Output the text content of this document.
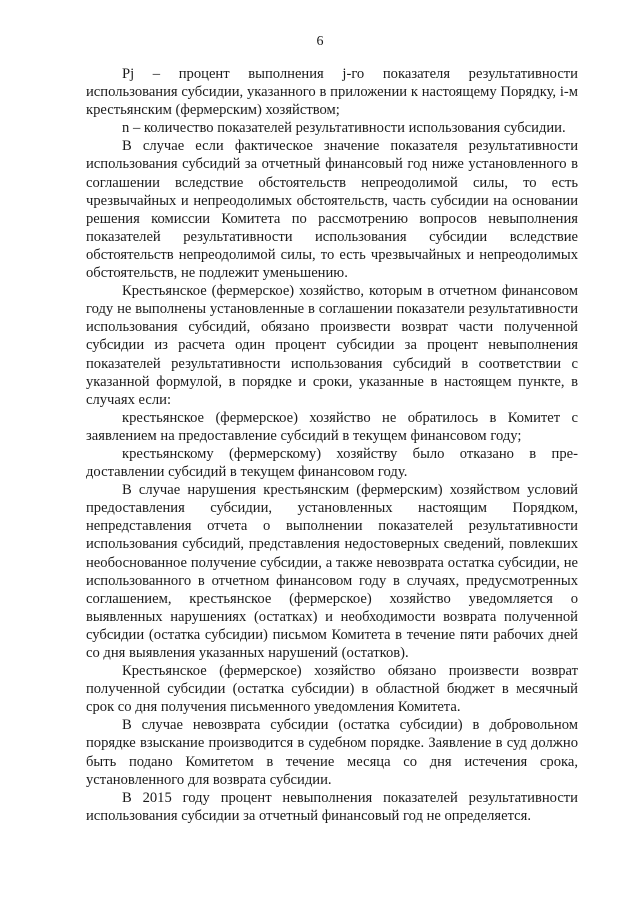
6

Pj – процент выполнения j-го показателя результативности использования субсидии, указанного в приложении к настоящему Порядку, i-м крестьянским (фермерским) хозяйством;

n – количество показателей результативности использования субсидии.

В случае если фактическое значение показателя результативности использования субсидий за отчетный финансовый год ниже установленного в соглашении вследствие обстоятельств непреодолимой силы, то есть чрезвычайных и непреодолимых обстоятельств, часть субсидии на основании решения комиссии Комитета по рассмотрению вопросов невыполнения показателей результативности использования субсидии вследствие обстоятельств непреодолимой силы, то есть чрезвычайных и непреодолимых обстоятельств, не подлежит уменьшению.

Крестьянское (фермерское) хозяйство, которым в отчетном финансовом году не выполнены установленные в соглашении показатели результативности использования субсидий, обязано произвести возврат части полученной субсидии из расчета один процент субсидии за процент невыполнения показателей результативности использования субсидий в соответствии с указанной формулой, в порядке и сроки, указанные в настоящем пункте, в случаях если:

крестьянское (фермерское) хозяйство не обратилось в Комитет с заявлением на предоставление субсидий в текущем финансовом году;

крестьянскому (фермерскому) хозяйству было отказано в предоставлении субсидий в текущем финансовом году.

В случае нарушения крестьянским (фермерским) хозяйством условий предоставления субсидии, установленных настоящим Порядком, непредставления отчета о выполнении показателей результативности использования субсидий, представления недостоверных сведений, повлекших необоснованное получение субсидии, а также невозврата остатка субсидии, не использованного в отчетном финансовом году в случаях, предусмотренных соглашением, крестьянское (фермерское) хозяйство уведомляется о выявленных нарушениях (остатках) и необходимости возврата полученной субсидии (остатка субсидии) письмом Комитета в течение пяти рабочих дней со дня выявления указанных нарушений (остатков).

Крестьянское (фермерское) хозяйство обязано произвести возврат полученной субсидии (остатка субсидии) в областной бюджет в месячный срок со дня получения письменного уведомления Комитета.

В случае невозврата субсидии (остатка субсидии) в добровольном порядке взыскание производится в судебном порядке. Заявление в суд должно быть подано Комитетом в течение месяца со дня истечения срока, установленного для возврата субсидии.

В 2015 году процент невыполнения показателей результативности использования субсидии за отчетный финансовый год не определяется.
